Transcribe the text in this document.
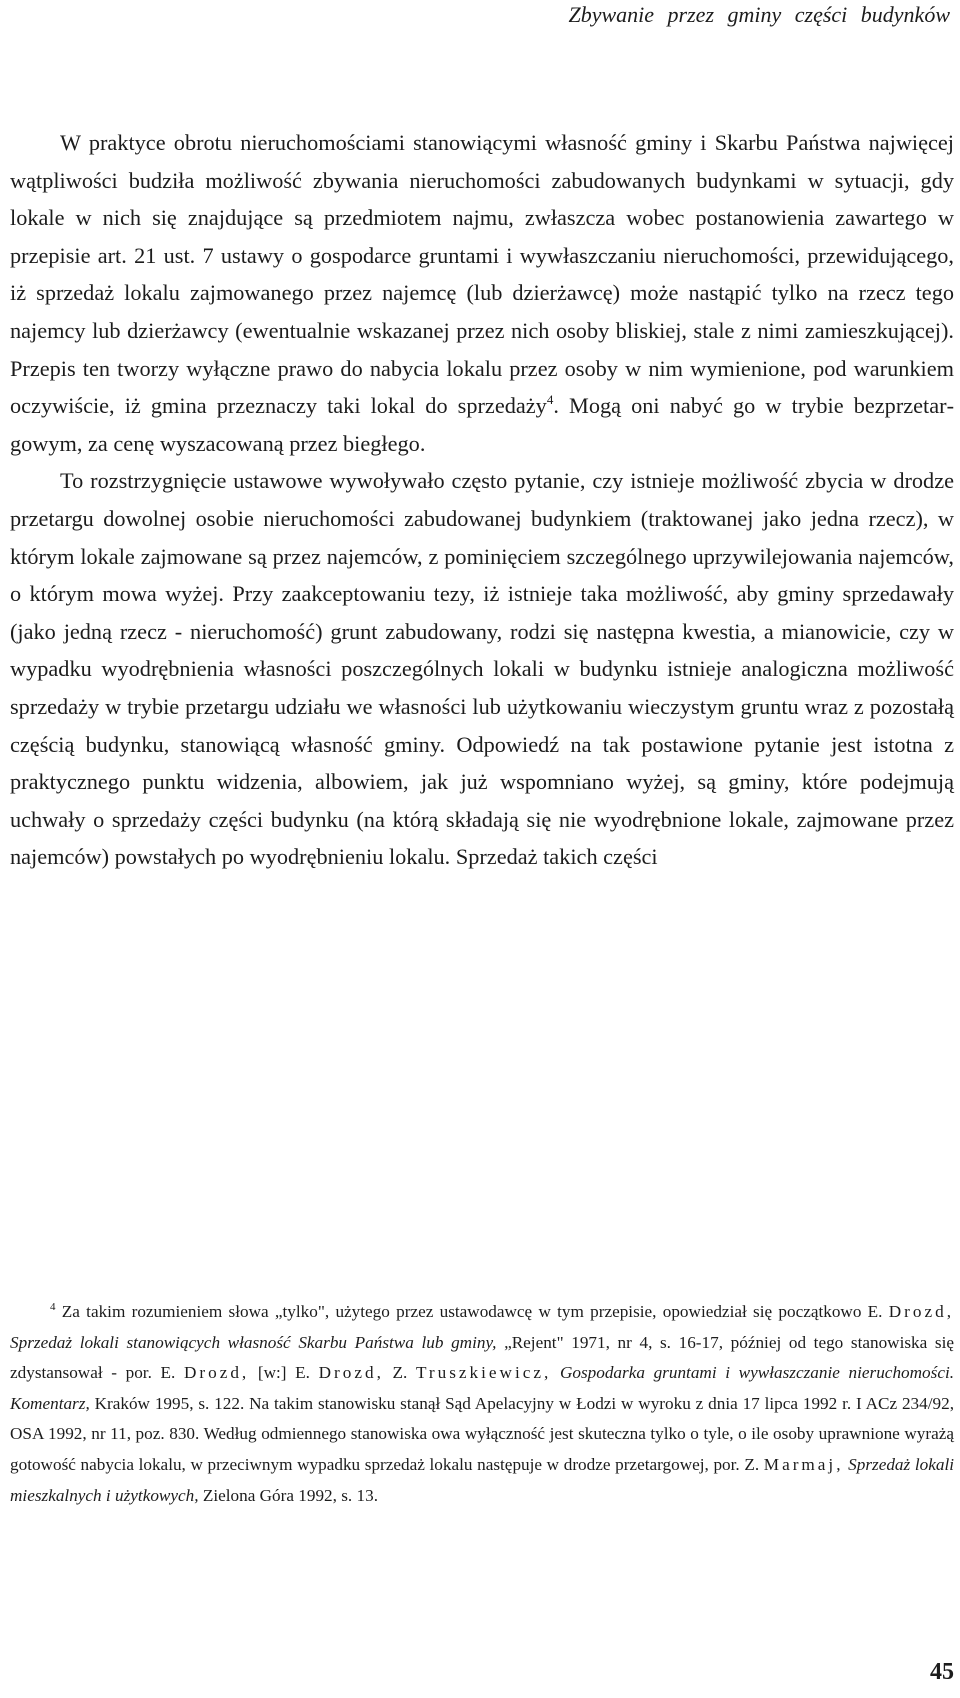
Zbywanie przez gminy części budynków

W praktyce obrotu nieruchomościami stanowiącymi własność gminy i Skarbu Państwa najwięcej wątpliwości budziła możliwość zbywania nieruchomości zabudowanych budynkami w sytuacji, gdy lokale w nich się znajdujące są przedmiotem najmu, zwłaszcza wobec postanowienia zawartego w przepisie art. 21 ust. 7 ustawy o gospodarce gruntami i wywłaszczaniu nieruchomości, przewidującego, iż sprzedaż lokalu zajmowanego przez najemcę (lub dzierżawcę) może nastąpić tylko na rzecz tego najemcy lub dzierżawcy (ewentualnie wskazanej przez nich osoby bliskiej, stale z nimi zamieszkującej). Przepis ten tworzy wyłączne prawo do nabycia lokalu przez osoby w nim wymienione, pod warunkiem oczywiście, iż gmina przeznaczy taki lokal do sprzedaży$^4$. Mogą oni nabyć go w trybie bezprzetargowym, za cenę wyszacowaną przez biegłego.

To rozstrzygnięcie ustawowe wywoływało często pytanie, czy istnieje możliwość zbycia w drodze przetargu dowolnej osobie nieruchomości zabudowanej budynkiem (traktowanej jako jedna rzecz), w którym lokale zajmowane są przez najemców, z pominięciem szczególnego uprzywilejowania najemców, o którym mowa wyżej. Przy zaakceptowaniu tezy, iż istnieje taka możliwość, aby gminy sprzedawały (jako jedną rzecz - nieruchomość) grunt zabudowany, rodzi się następna kwestia, a mianowicie, czy w wypadku wyodrębnienia własności poszczególnych lokali w budynku istnieje analogiczna możliwość sprzedaży w trybie przetargu udziału we własności lub użytkowaniu wieczystym gruntu wraz z pozostałą częścią budynku, stanowiącą własność gminy. Odpowiedź na tak postawione pytanie jest istotna z praktycznego punktu widzenia, albowiem, jak już wspomniano wyżej, są gminy, które podejmują uchwały o sprzedaży części budynku (na którą składają się nie wyodrębnione lokale, zajmowane przez najemców) powstałych po wyodrębnieniu lokalu. Sprzedaż takich części

$^4$ Za takim rozumieniem słowa „tylko", użytego przez ustawodawcę w tym przepisie, opowiedział się początkowo E. Drozd, Sprzedaż lokali stanowiących własność Skarbu Państwa lub gminy, „Rejent" 1971, nr 4, s. 16-17, później od tego stanowiska się zdystansował - por. E. Drozd, [w:] E. Drozd, Z. Truszkiewicz, Gospodarka gruntami i wywłaszczanie nieruchomości. Komentarz, Kraków 1995, s. 122. Na takim stanowisku stanął Sąd Apelacyjny w Łodzi w wyroku z dnia 17 lipca 1992 r. I ACz 234/92, OSA 1992, nr 11, poz. 830. Według odmiennego stanowiska owa wyłączność jest skuteczna tylko o tyle, o ile osoby uprawnione wyrażą gotowość nabycia lokalu, w przeciwnym wypadku sprzedaż lokalu następuje w drodze przetargowej, por. Z. Marmaj, Sprzedaż lokali mieszkalnych i użytkowych, Zielona Góra 1992, s. 13.

45
